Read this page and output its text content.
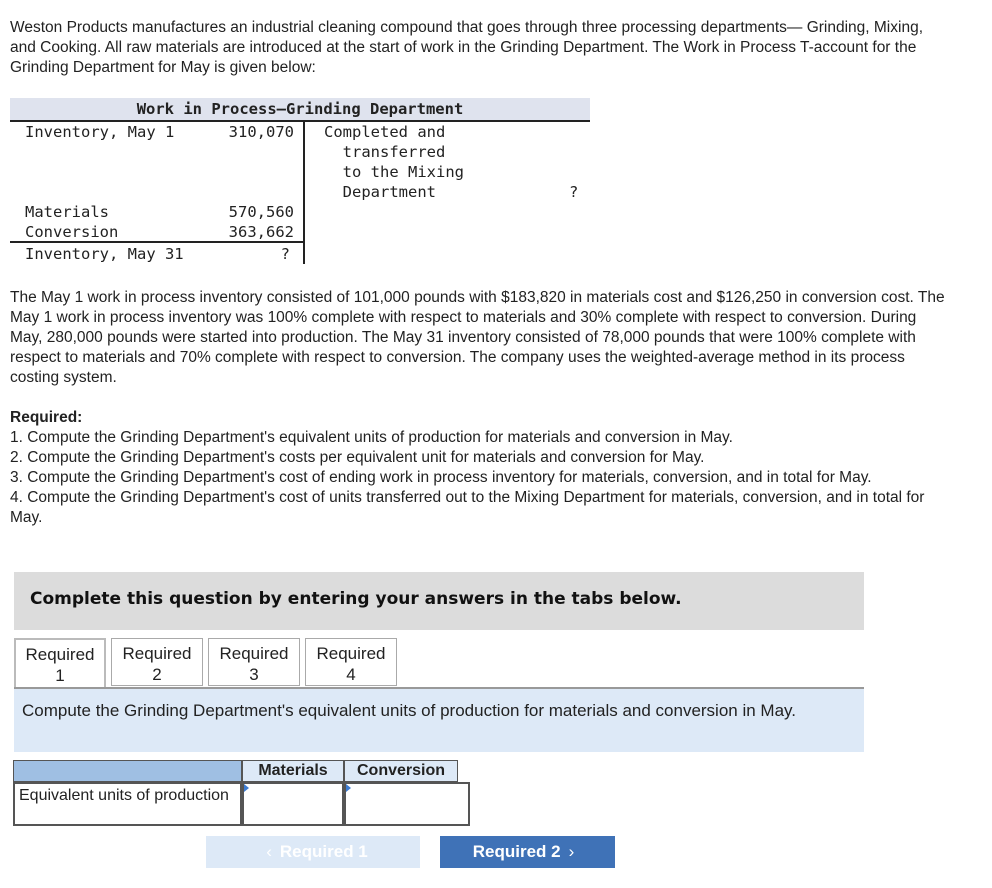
Weston Products manufactures an industrial cleaning compound that goes through three processing departments— Grinding, Mixing, and Cooking. All raw materials are introduced at the start of work in the Grinding Department. The Work in Process T-account for the Grinding Department for May is given below:
Work in Process—Grinding Department
Inventory, May 1	310,070 Completed and
transferred
to the Mixing
Department	?
Materials	570,560
Conversion	363,662
Inventory, May 31	?
The May 1 work in process inventory consisted of 101,000 pounds with $183,820 in materials cost and $126,250 in conversion cost. The May 1 work in process inventory was 100% complete with respect to materials and 30% complete with respect to conversion. During May, 280,000 pounds were started into production. The May 31 inventory consisted of 78,000 pounds that were 100% complete with respect to materials and 70% complete with respect to conversion. The company uses the weighted-average method in its process costing system.

Required:

1. Compute the Grinding Department's equivalent units of production for materials and conversion in May.

2. Compute the Grinding Department's costs per equivalent unit for materials and conversion for May.

3. Compute the Grinding Department's cost of ending work in process inventory for materials, conversion, and in total for May.

4. Compute the Grinding Department's cost of units transferred out to the Mixing Department for materials, conversion, and in total for May.

Complete this question by entering your answers in the tabs below.
Required
1
Required
2
Required
3
Required
4
Compute the Grinding Department's equivalent units of production for materials and conversion in May.
Materials	Conversion
Equivalent units of production
‹ Required 1	Required 2 ›
